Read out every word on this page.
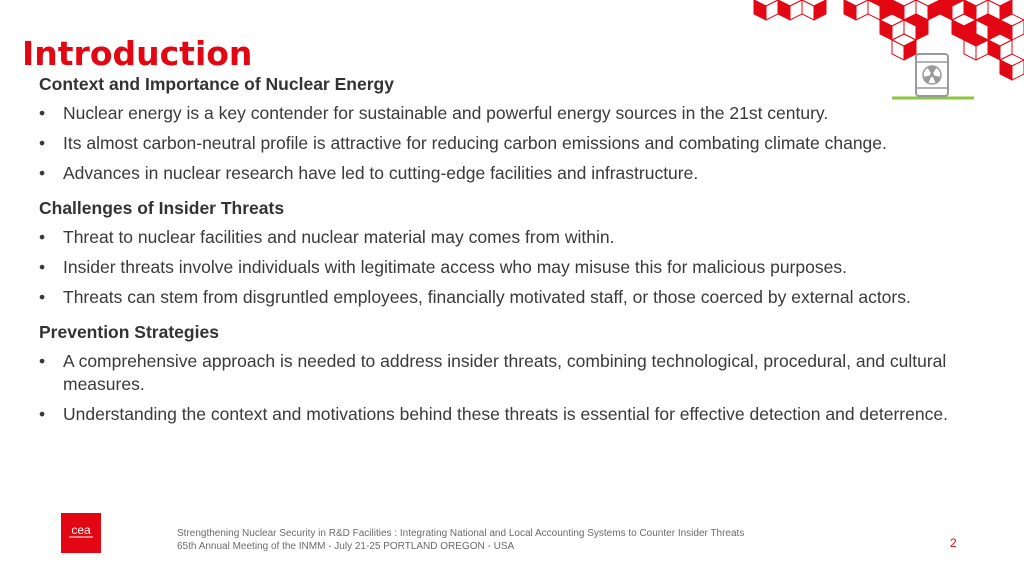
Introduction
Context and Importance of Nuclear Energy
• Nuclear energy is a key contender for sustainable and powerful energy sources in the 21st century.
• Its almost carbon-neutral profile is attractive for reducing carbon emissions and combating climate change.
• Advances in nuclear research have led to cutting-edge facilities and infrastructure.
Challenges of Insider Threats
• Threat to nuclear facilities and nuclear material may comes from within.
• Insider threats involve individuals with legitimate access who may misuse this for malicious purposes.
• Threats can stem from disgruntled employees, financially motivated staff, or those coerced by external actors.
Prevention Strategies
• A comprehensive approach is needed to address insider threats, combining technological, procedural, and cultural measures.
• Understanding the context and motivations behind these threats is essential for effective detection and deterrence.
cea	Strengthening Nuclear Security in R&D Facilities : Integrating National and Local Accounting Systems to Counter Insider Threats
65th Annual Meeting of the INMM - July 21-25 PORTLAND OREGON - USA	2
